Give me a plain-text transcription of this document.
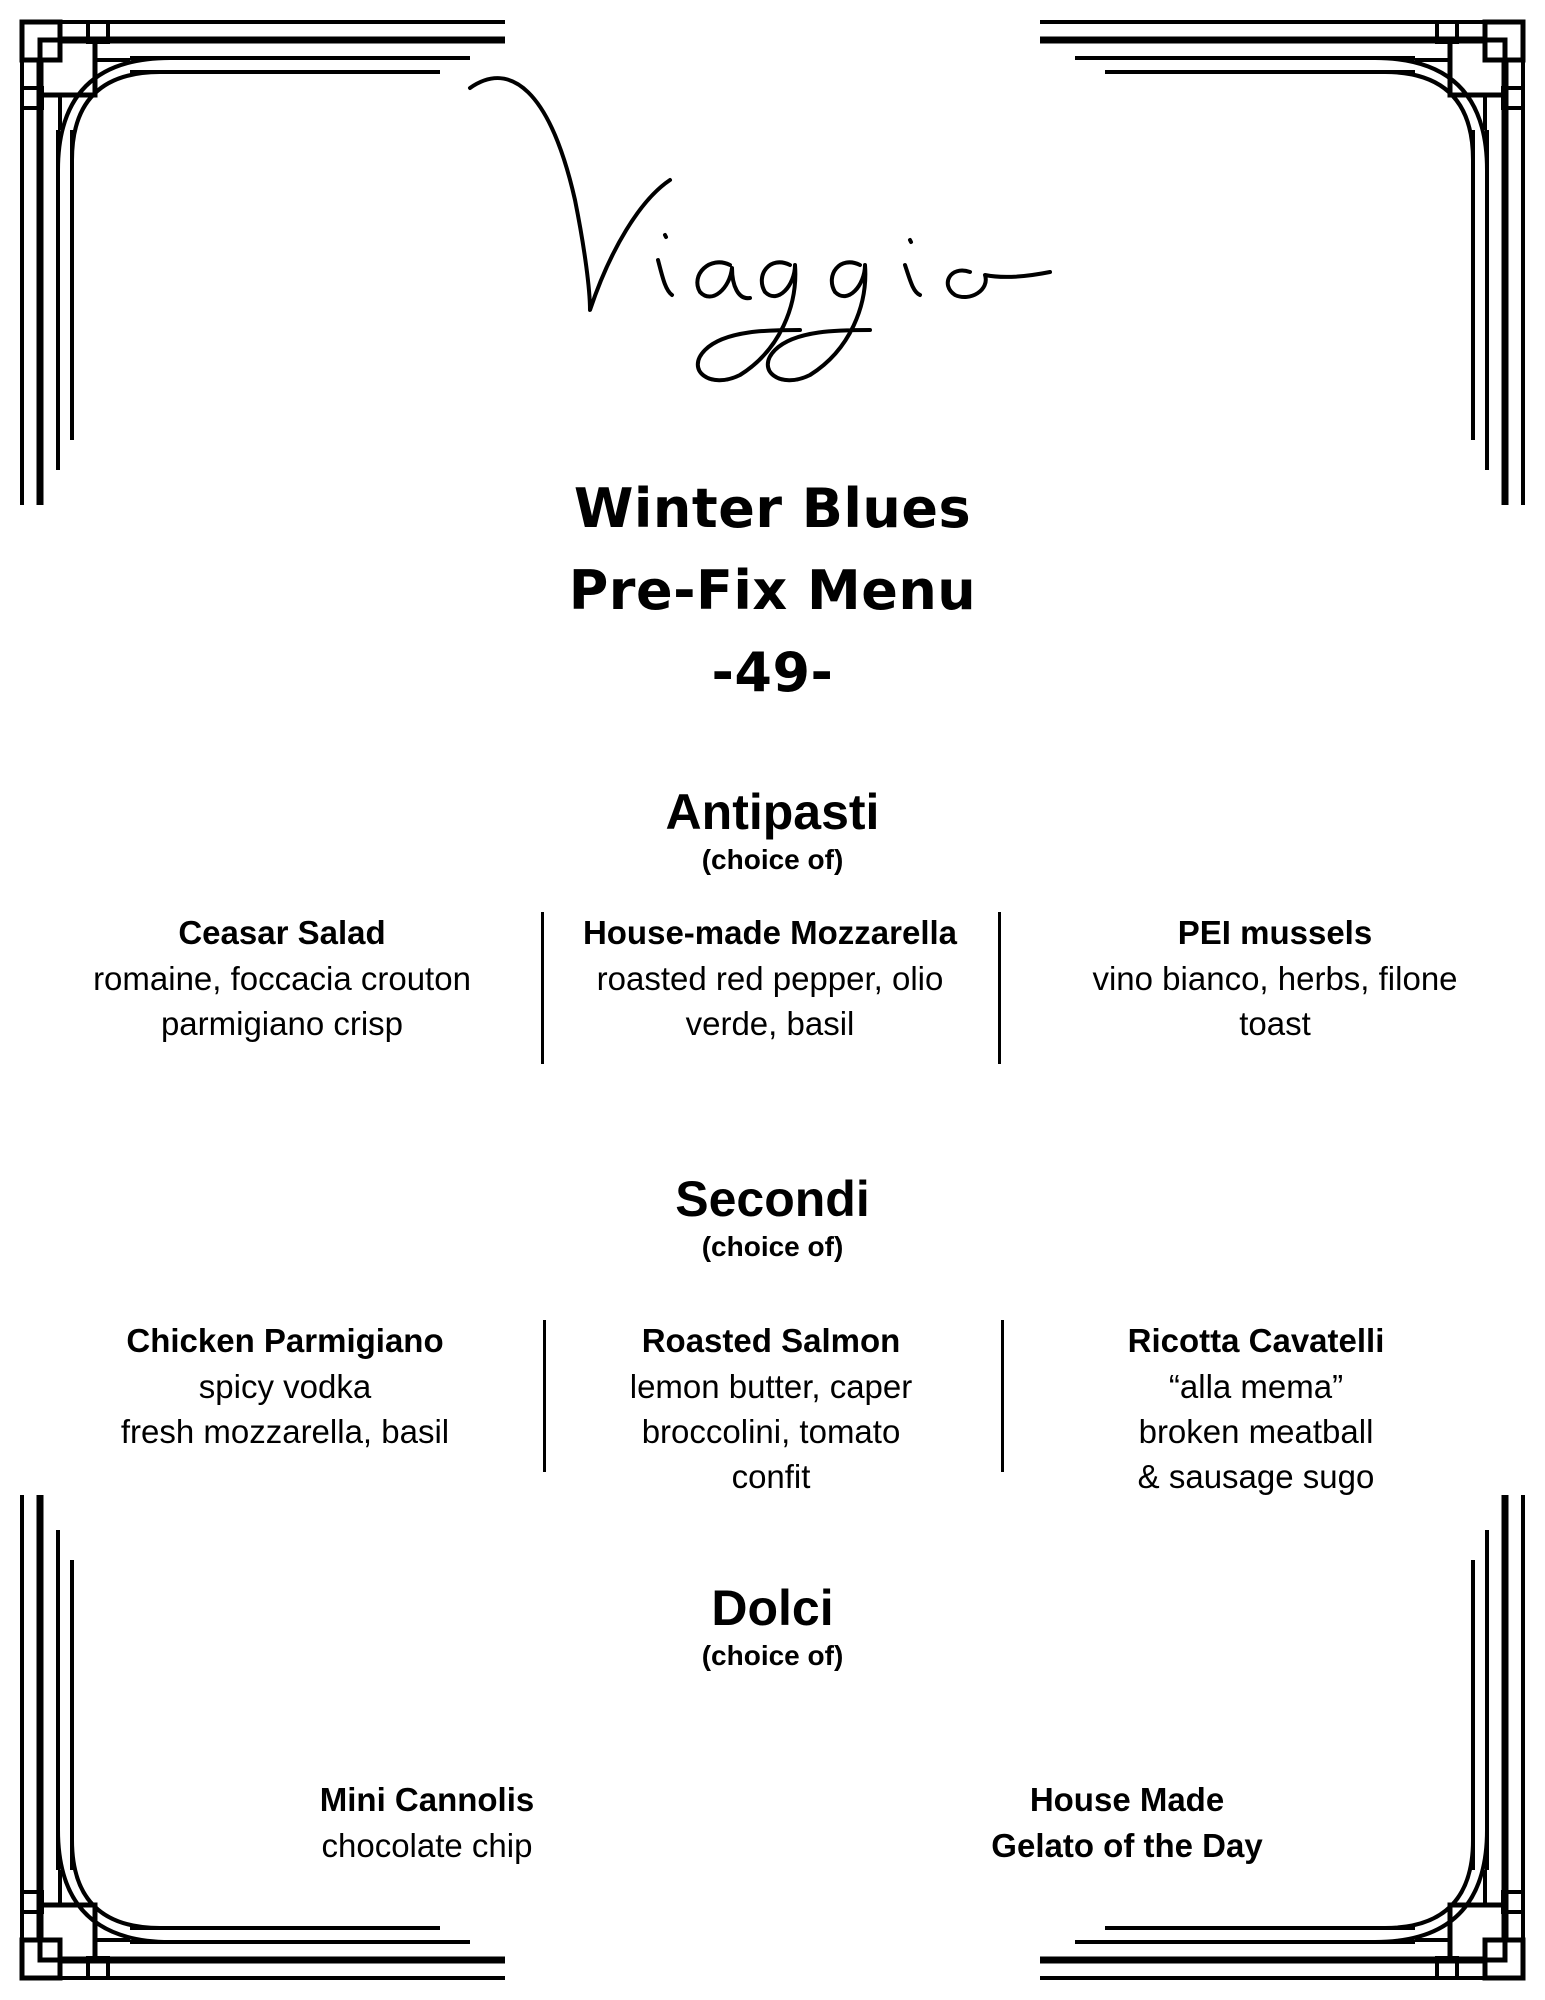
Winter Blues
Pre-Fix Menu
-49-
Antipasti
(choice of)
Ceasar Salad
romaine, foccacia crouton
parmigiano crisp
House-made Mozzarella
roasted red pepper, olio
verde, basil
PEI mussels
vino bianco, herbs, filone
toast
Secondi
(choice of)
Chicken Parmigiano
spicy vodka
fresh mozzarella, basil
Roasted Salmon
lemon butter, caper
broccolini, tomato
confit
Ricotta Cavatelli
“alla mema”
broken meatball
& sausage sugo
Dolci
(choice of)
Mini Cannolis
chocolate chip
House Made
Gelato of the Day
